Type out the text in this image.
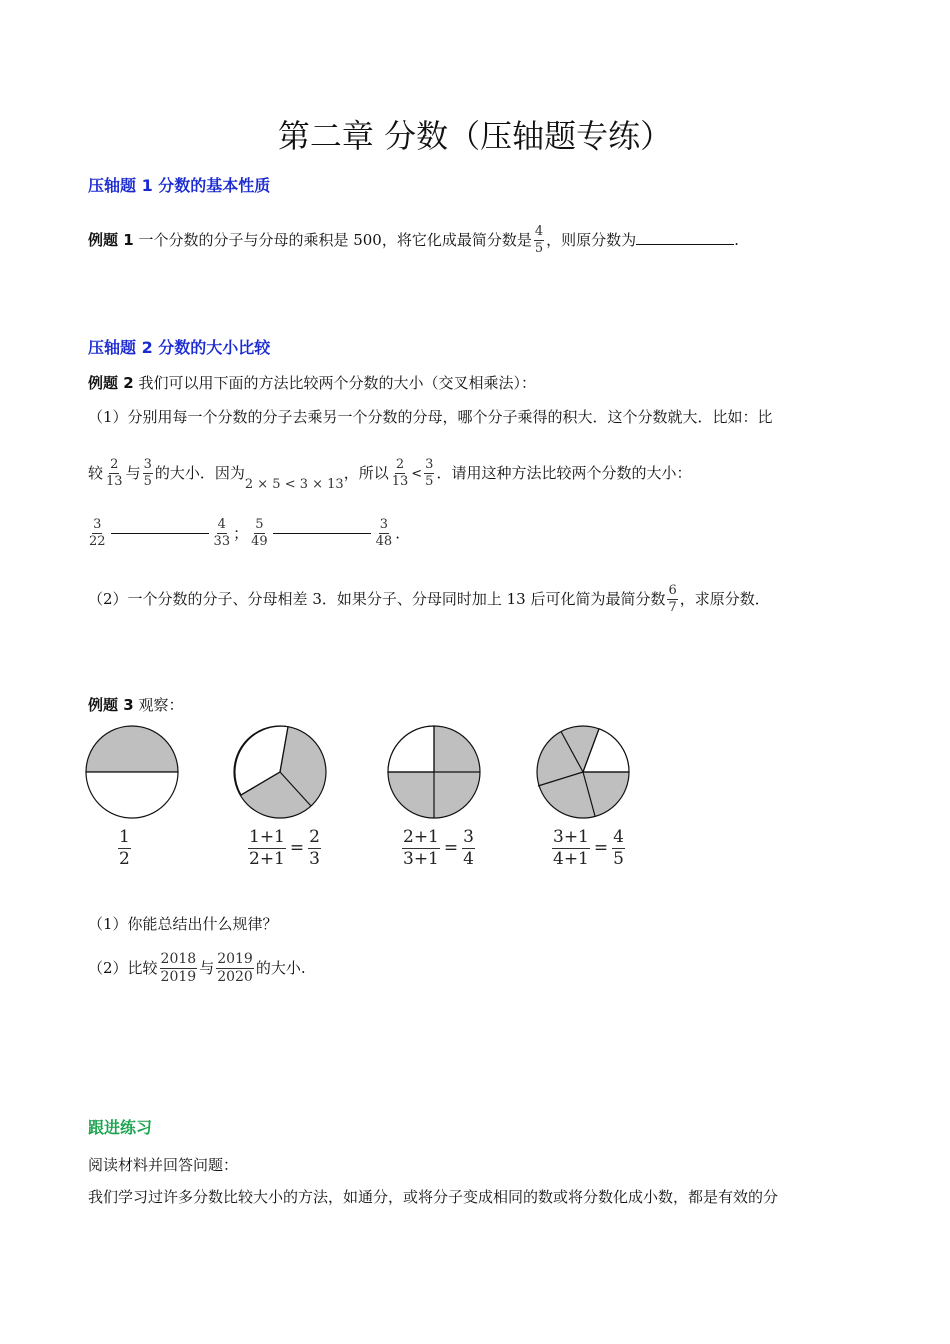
第二章 分数（压轴题专练）
压轴题 1 分数的基本性质
例题 1 一个分数的分子与分母的乘积是 500，将它化成最简分数是 $\frac{4}{5}$ ，则原分数为	.
压轴题 2 分数的大小比较
例题 2 我们可以用下面的方法比较两个分数的大小（交叉相乘法）：
（1）分别用每一个分数的分子去乘另一个分数的分母，哪个分子乘得的积大．这个分数就大．比如：比
较 $\frac{2}{13}$ 与 $\frac{3}{5}$ 的大小．因为2 × 5 < 3 × 13，所以 $\frac{2}{13} < \frac{3}{5}$ ．请用这种方法比较两个分数的大小：
$\frac{3}{22}$	$\frac{4}{33}$ ； $\frac{5}{49}$	$\frac{3}{48}$ .
（2）一个分数的分子、分母相差 3．如果分子、分母同时加上 13 后可化简为最简分数 $\frac{6}{7}$ ，求原分数．
例题 3 观察：
$\frac{1}{2}$	$\frac{1+1}{2+1} = \frac{2}{3}$	$\frac{2+1}{3+1} = \frac{3}{4}$	$\frac{3+1}{4+1} = \frac{4}{5}$
（1）你能总结出什么规律？
（2）比较 $\frac{2018}{2019}$ 与 $\frac{2019}{2020}$ 的大小.
跟进练习
阅读材料并回答问题：
我们学习过许多分数比较大小的方法，如通分，或将分子变成相同的数或将分数化成小数，都是有效的分
